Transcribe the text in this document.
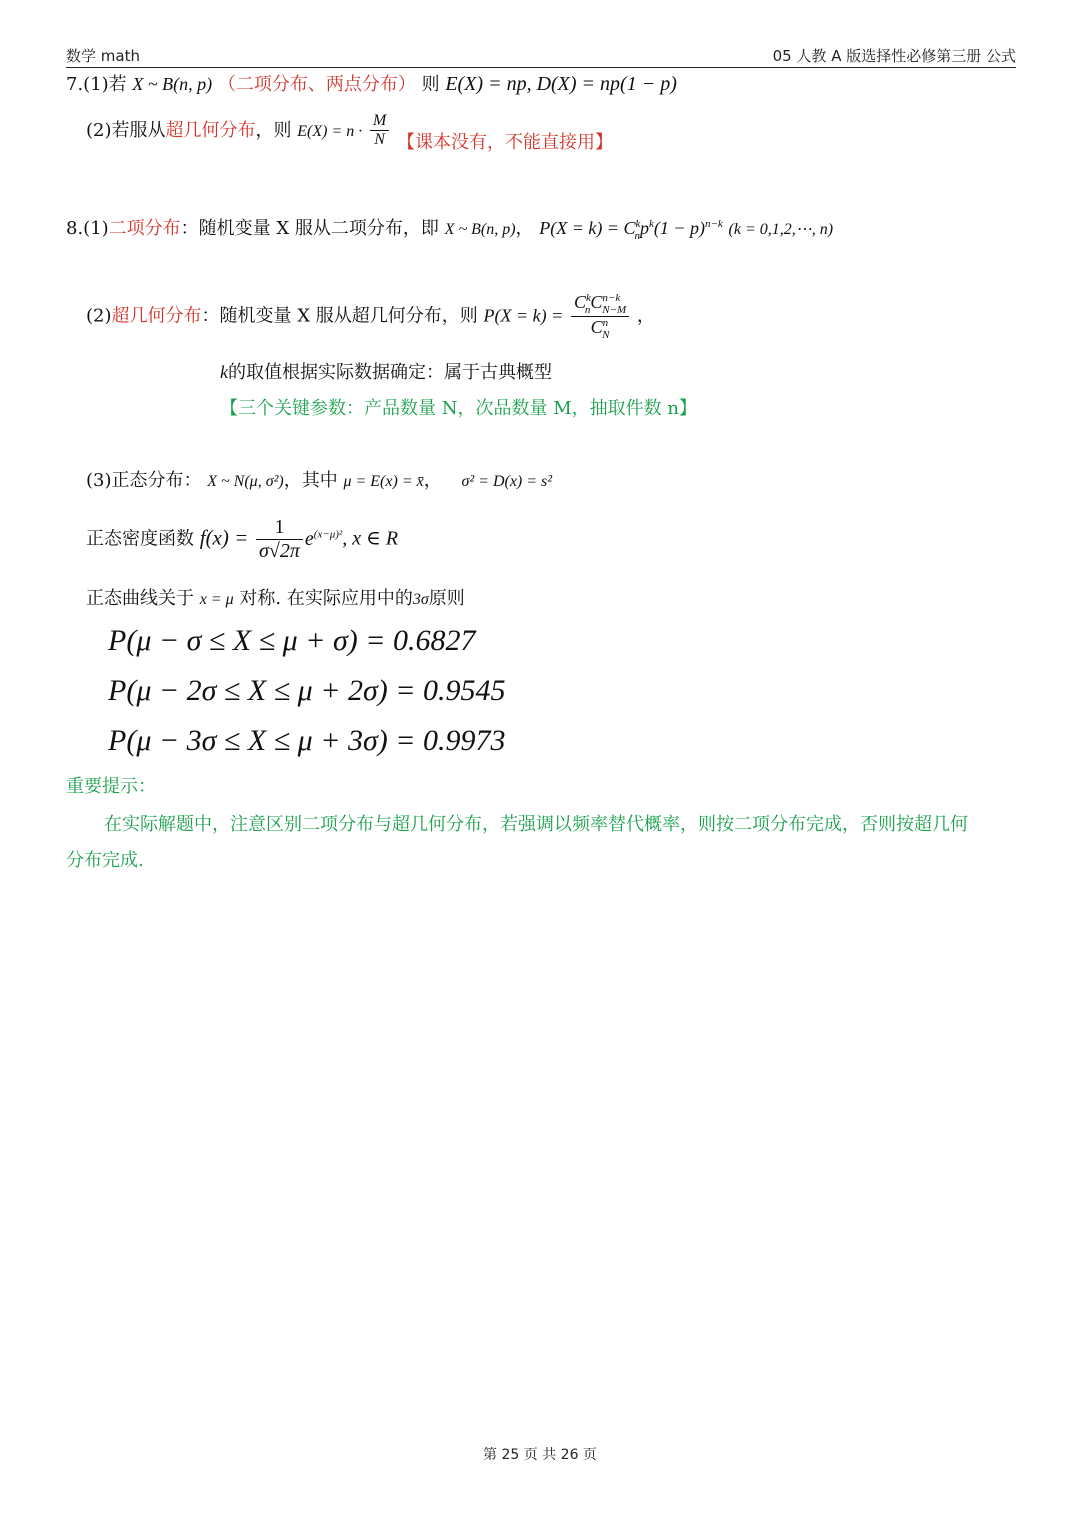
数学 math	05 人教 A 版选择性必修第三册 公式
7.(1)若 X ~ B(n, p) （二项分布、两点分布） 则 E(X) = np, D(X) = np(1 − p)
(2)若服从超几何分布，则 $E(X) = n \cdot \frac{M}{N}$ 【课本没有，不能直接用】
8.(1)二项分布：随机变量 X 服从二项分布，即 X ~ B(n, p)， $P(X = k) = C^k_np^k(1 - p)^{n-k}$ (k = 0,1,2,⋯, n)
(2)超几何分布：随机变量 X 服从超几何分布，则 $P(X = k) = \frac{C^k_nC^{n-k}_{N-M}}{C^n_N}$ ，
k的取值根据实际数据确定：属于古典概型
【三个关键参数：产品数量 N，次品数量 M，抽取件数 n】
(3)正态分布： X ~ N(μ, σ²)，其中 μ = E(x) = x̄， σ² = D(x) = s²
正态密度函数 $f(x) = \frac{1}{\sigma√2\pi} e^{(x-\mu)^2}$, x ∈ R
正态曲线关于 x = μ 对称. 在实际应用中的3σ原则
P(μ − σ ≤ X ≤ μ + σ) = 0.6827
P(μ − 2σ ≤ X ≤ μ + 2σ) = 0.9545
P(μ − 3σ ≤ X ≤ μ + 3σ) = 0.9973
重要提示：
在实际解题中，注意区别二项分布与超几何分布，若强调以频率替代概率，则按二项分布完成，否则按超几何
分布完成.
第 25 页 共 26 页
